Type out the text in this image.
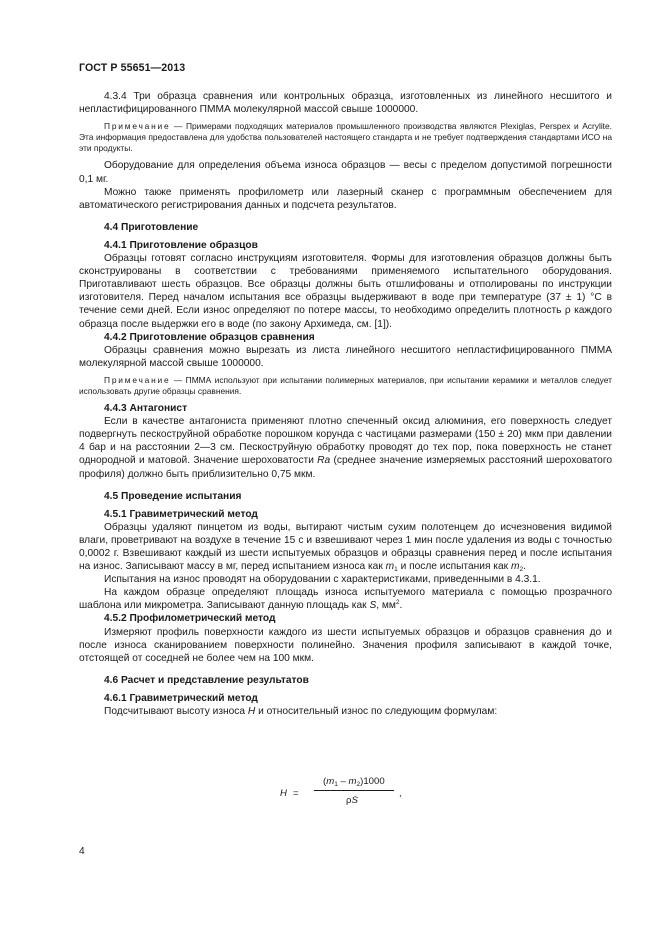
ГОСТ Р 55651—2013

4.3.4 Три образца сравнения или контрольных образца, изготовленных из линейного несшитого и непластифицированного ПММА молекулярной массой свыше 1000000.

Примечание — Примерами подходящих материалов промышленного производства являются Plexiglas, Perspex и Acrylite. Эта информация предоставлена для удобства пользователей настоящего стандарта и не требует подтверждения стандартами ИСО на эти продукты.

Оборудование для определения объема износа образцов — весы с пределом допустимой погрешности 0,1 мг.

Можно также применять профилометр или лазерный сканер с программным обеспечением для автоматического регистрирования данных и подсчета результатов.

4.4 Приготовление

4.4.1 Приготовление образцов

Образцы готовят согласно инструкциям изготовителя. Формы для изготовления образцов должны быть сконструированы в соответствии с требованиями применяемого испытательного оборудования. Приготавливают шесть образцов. Все образцы должны быть отшлифованы и отполированы по инструкции изготовителя. Перед началом испытания все образцы выдерживают в воде при температуре (37 ± 1) °С в течение семи дней. Если износ определяют по потере массы, то необходимо определить плотность ρ каждого образца после выдержки его в воде (по закону Архимеда, см. [1]).

4.4.2 Приготовление образцов сравнения

Образцы сравнения можно вырезать из листа линейного несшитого непластифицированного ПММА молекулярной массой свыше 1000000.

Примечание — ПММА используют при испытании полимерных материалов, при испытании керамики и металлов следует использовать другие образцы сравнения.

4.4.3 Антагонист

Если в качестве антагониста применяют плотно спеченный оксид алюминия, его поверхность следует подвергнуть пескоструйной обработке порошком корунда с частицами размерами (150 ± 20) мкм при давлении 4 бар и на расстоянии 2—3 см. Пескоструйную обработку проводят до тех пор, пока поверхность не станет однородной и матовой. Значение шероховатости Ra (среднее значение измеряемых расстояний шероховатого профиля) должно быть приблизительно 0,75 мкм.

4.5 Проведение испытания

4.5.1 Гравиметрический метод

Образцы удаляют пинцетом из воды, вытирают чистым сухим полотенцем до исчезновения видимой влаги, проветривают на воздухе в течение 15 с и взвешивают через 1 мин после удаления из воды с точностью 0,0002 г. Взвешивают каждый из шести испытуемых образцов и образцы сравнения перед и после испытания на износ. Записывают массу в мг, перед испытанием износа как $m_1$ и после испытания как $m_2$.

Испытания на износ проводят на оборудовании с характеристиками, приведенными в 4.3.1.

На каждом образце определяют площадь износа испытуемого материала с помощью прозрачного шаблона или микрометра. Записывают данную площадь как S, $мм^2$.

4.5.2 Профилометрический метод

Измеряют профиль поверхности каждого из шести испытуемых образцов и образцов сравнения до и после износа сканированием поверхности полинейно. Значения профиля записывают в каждой точке, отстоящей от соседней не более чем на 100 мкм.

4.6 Расчет и представление результатов

4.6.1 Гравиметрический метод

Подсчитывают высоту износа H и относительный износ по следующим формулам:

H =
$(m_1 - m_2)1000$
ρS
,
4
